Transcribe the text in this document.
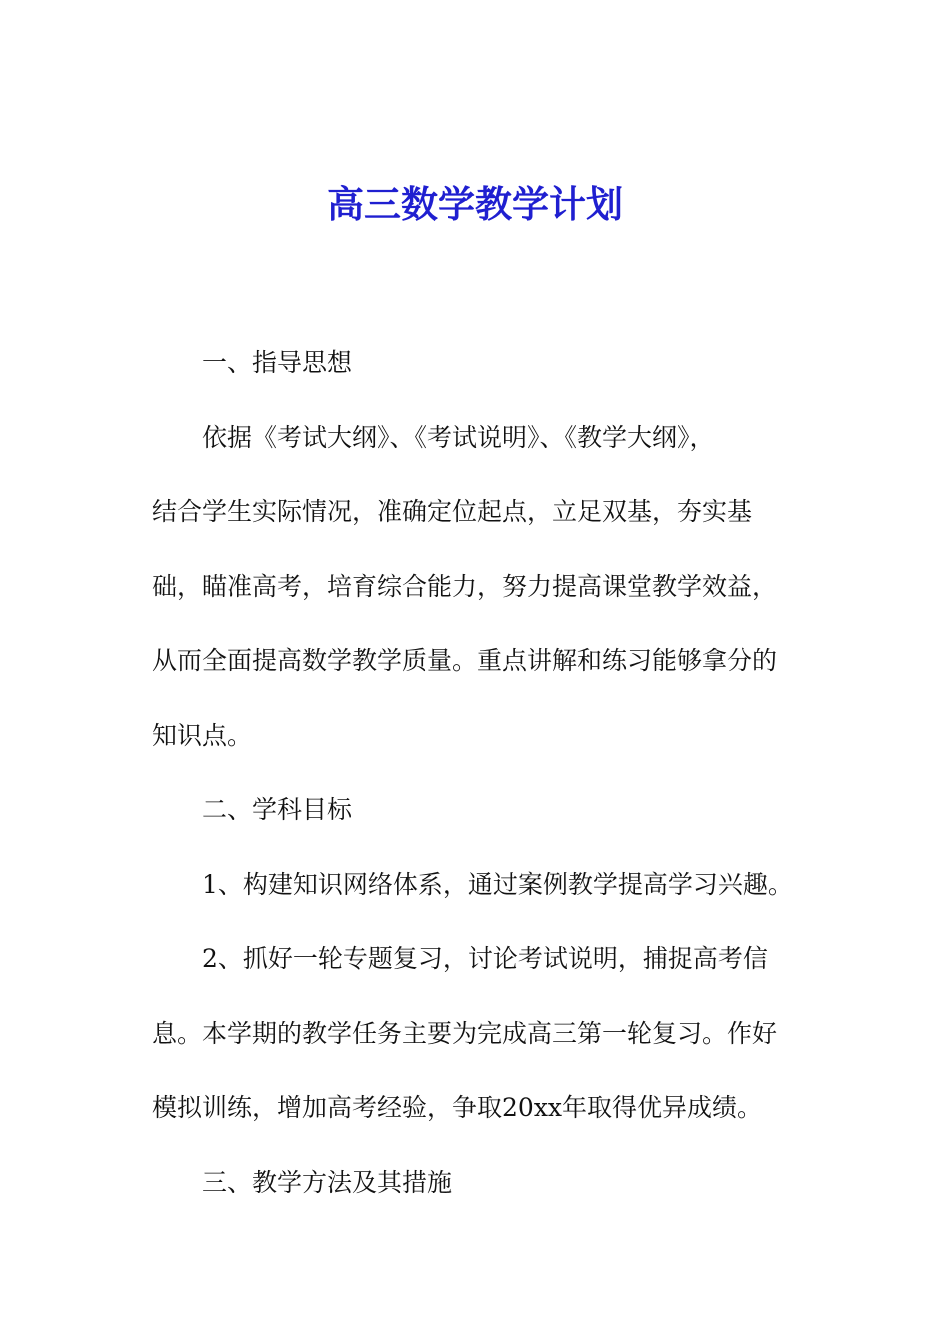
高三数学教学计划

一、指导思想

依据《考试大纲》、《考试说明》、《教学大纲》，

结合学生实际情况，准确定位起点，立足双基，夯实基

础，瞄准高考，培育综合能力，努力提高课堂教学效益，

从而全面提高数学教学质量。重点讲解和练习能够拿分的

知识点。

二、学科目标

1、构建知识网络体系，通过案例教学提高学习兴趣。

2、抓好一轮专题复习，讨论考试说明，捕捉高考信

息。本学期的教学任务主要为完成高三第一轮复习。作好

模拟训练，增加高考经验，争取20xx年取得优异成绩。

三、教学方法及其措施
